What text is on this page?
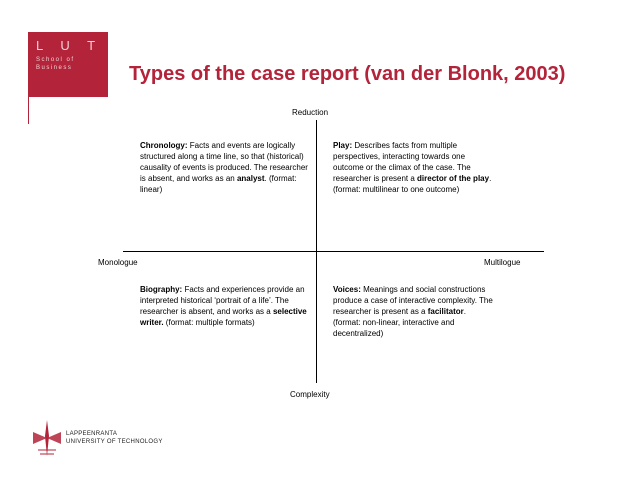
L U T
School of
Business	Types of the case report (van der Blonk, 2003)
Reduction
Complexity
Monologue	Multilogue
Chronology: Facts and events are logically structured along a time line, so that (historical) causality of events is produced. The researcher is absent, and works as an analyst. (format: linear)
Play: Describes facts from multiple perspectives, interacting towards one outcome or the climax of the case. The researcher is present a director of the play. (format: multilinear to one outcome)
Biography: Facts and experiences provide an interpreted historical ‘portrait of a life’. The researcher is absent, and works as a selective writer. (format: multiple formats)
Voices: Meanings and social constructions produce a case of interactive complexity. The researcher is present as a facilitator. (format: non-linear, interactive and decentralized)
LAPPEENRANTA
UNIVERSITY OF TECHNOLOGY
